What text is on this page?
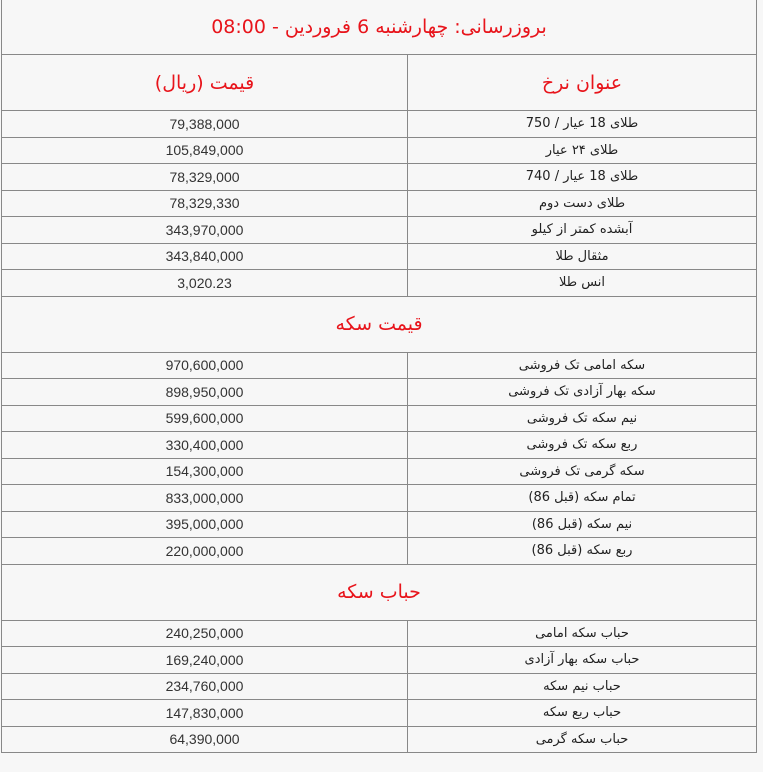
بروزرسانی: چهارشنبه 6 فروردین - 08:00	
عنوان نرخ	قیمت (ریال)
طلای 18 عیار / 750	79,388,000
طلای ۲۴ عیار	105,849,000
طلای 18 عیار / 740	78,329,000
طلای دست دوم	78,329,330
آبشده کمتر از کیلو	343,970,000
مثقال طلا	343,840,000
انس طلا	3,020.23
قیمت سکه	
سکه امامی تک فروشی	970,600,000
سکه بهار آزادی تک فروشی	898,950,000
نیم سکه تک فروشی	599,600,000
ربع سکه تک فروشی	330,400,000
سکه گرمی تک فروشی	154,300,000
تمام سکه (قبل 86)	833,000,000
نیم سکه (قبل 86)	395,000,000
ربع سکه (قبل 86)	220,000,000
حباب سکه	
حباب سکه امامی	240,250,000
حباب سکه بهار آزادی	169,240,000
حباب نیم سکه	234,760,000
حباب ربع سکه	147,830,000
حباب سکه گرمی	64,390,000
